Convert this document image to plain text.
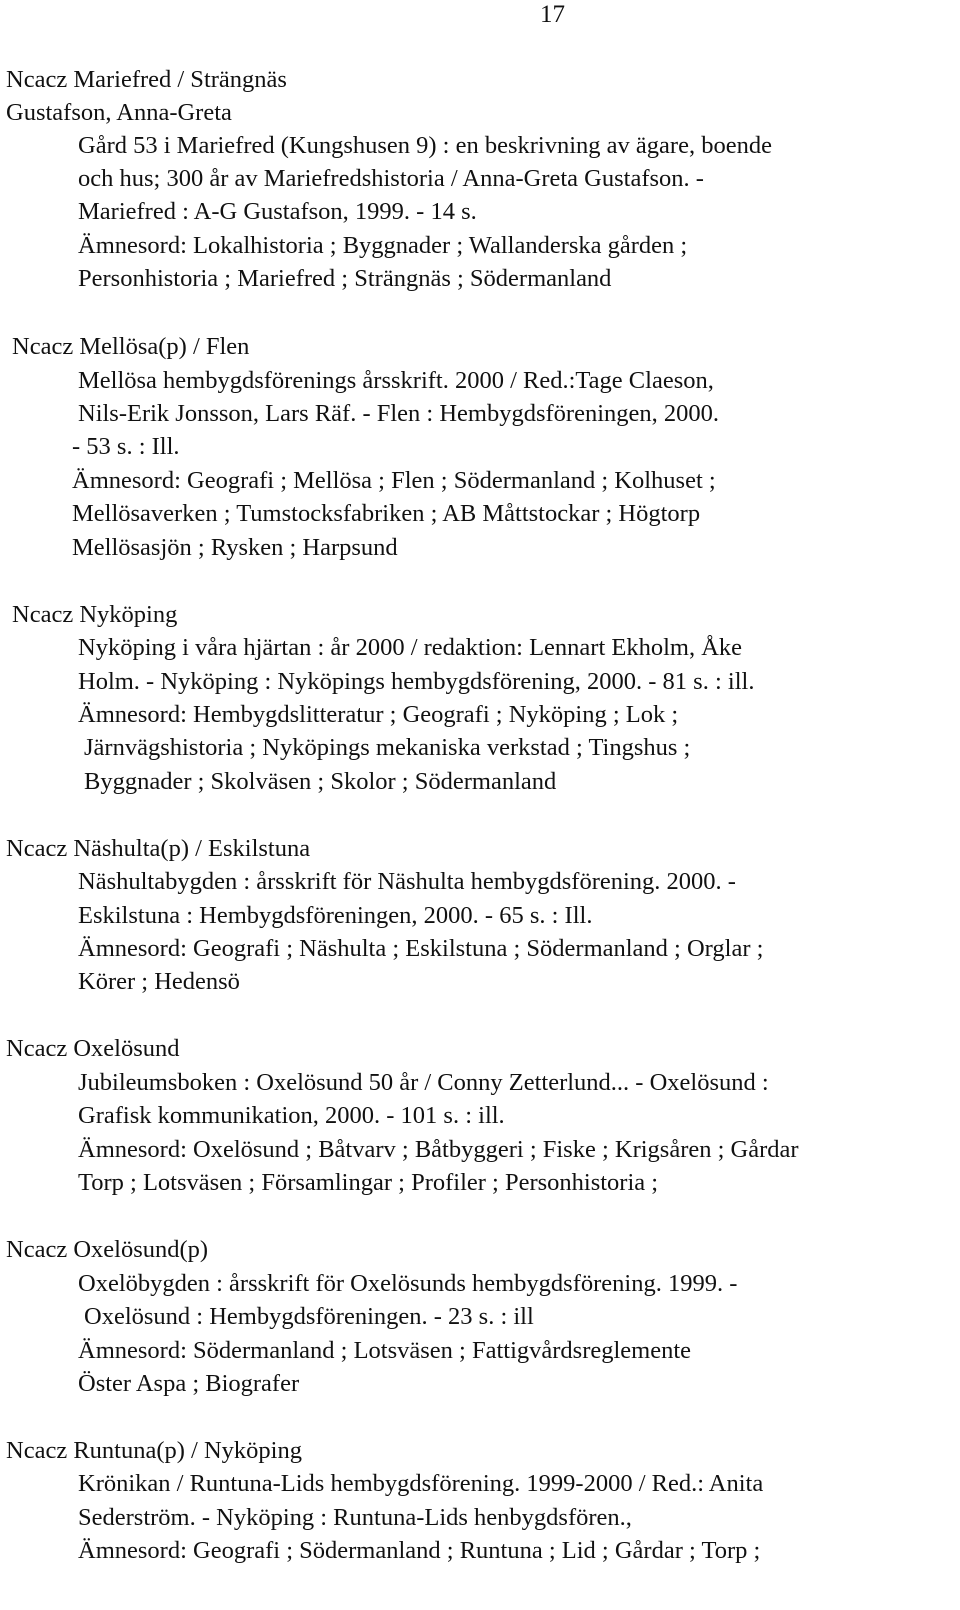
17
Ncacz Mariefred / Strängnäs
Gustafson, Anna-Greta
Gård 53 i Mariefred (Kungshusen 9) : en beskrivning av ägare, boende
och hus; 300 år av Mariefredshistoria / Anna-Greta Gustafson. -
Mariefred : A-G Gustafson, 1999. - 14 s.
Ämnesord: Lokalhistoria ; Byggnader ; Wallanderska gården ;
Personhistoria ; Mariefred ; Strängnäs ; Södermanland
Ncacz Mellösa(p) / Flen
Mellösa hembygdsförenings årsskrift. 2000 / Red.:Tage Claeson,
Nils-Erik Jonsson, Lars Räf. - Flen : Hembygdsföreningen, 2000.
- 53 s. : Ill.
Ämnesord: Geografi ; Mellösa ; Flen ; Södermanland ; Kolhuset ;
Mellösaverken ; Tumstocksfabriken ; AB Måttstockar ; Högtorp
Mellösasjön ; Rysken ; Harpsund
Ncacz Nyköping
Nyköping i våra hjärtan : år 2000 / redaktion: Lennart Ekholm, Åke
Holm. - Nyköping : Nyköpings hembygdsförening, 2000. - 81 s. : ill.
Ämnesord: Hembygdslitteratur ; Geografi ; Nyköping ; Lok ;
Järnvägshistoria ; Nyköpings mekaniska verkstad ; Tingshus ;
Byggnader ; Skolväsen ; Skolor ; Södermanland
Ncacz Näshulta(p) / Eskilstuna
Näshultabygden : årsskrift för Näshulta hembygdsförening. 2000. -
Eskilstuna : Hembygdsföreningen, 2000. - 65 s. : Ill.
Ämnesord: Geografi ; Näshulta ; Eskilstuna ; Södermanland ; Orglar ;
Körer ; Hedensö
Ncacz Oxelösund
Jubileumsboken : Oxelösund 50 år / Conny Zetterlund... - Oxelösund :
Grafisk kommunikation, 2000. - 101 s. : ill.
Ämnesord: Oxelösund ; Båtvarv ; Båtbyggeri ; Fiske ; Krigsåren ; Gårdar
Torp ; Lotsväsen ; Församlingar ; Profiler ; Personhistoria ;
Ncacz Oxelösund(p)
Oxelöbygden : årsskrift för Oxelösunds hembygdsförening. 1999. -
Oxelösund : Hembygdsföreningen. - 23 s. : ill
Ämnesord: Södermanland ; Lotsväsen ; Fattigvårdsreglemente
Öster Aspa ; Biografer
Ncacz Runtuna(p) / Nyköping
Krönikan / Runtuna-Lids hembygdsförening. 1999-2000 / Red.: Anita
Sederström. - Nyköping : Runtuna-Lids henbygdsfören.,
Ämnesord: Geografi ; Södermanland ; Runtuna ; Lid ; Gårdar ; Torp ;
